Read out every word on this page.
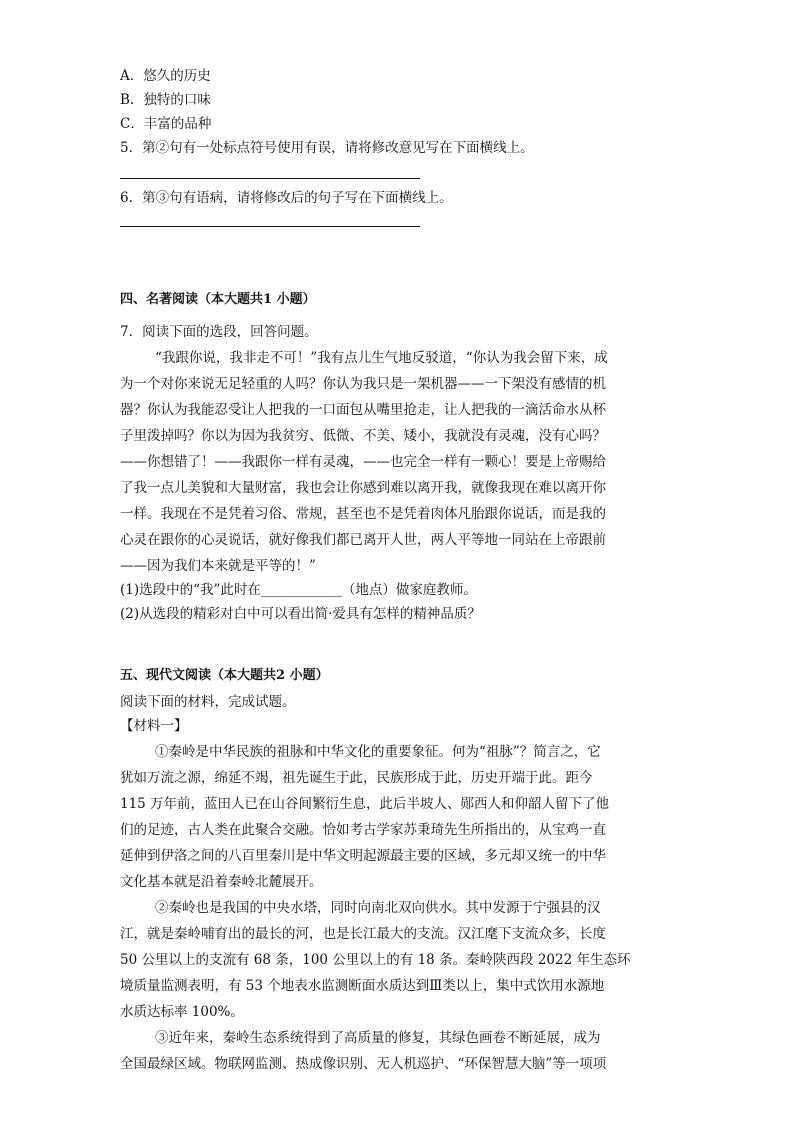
A．悠久的历史
B．独特的口味
C．丰富的品种
5．第②句有一处标点符号使用有误，请将修改意见写在下面横线上。
6．第③句有语病，请将修改后的句子写在下面横线上。
四、名著阅读（本大题共1 小题）
7．阅读下面的选段，回答问题。
“我跟你说，我非走不可！”我有点儿生气地反驳道，“你认为我会留下来，成
为一个对你来说无足轻重的人吗？你认为我只是一架机器——一下架没有感情的机
器？你认为我能忍受让人把我的一口面包从嘴里抢走，让人把我的一滴活命水从杯
子里泼掉吗？你以为因为我贫穷、低微、不美、矮小，我就没有灵魂，没有心吗？
——你想错了！——我跟你一样有灵魂，——也完全一样有一颗心！要是上帝赐给
了我一点儿美貌和大量财富，我也会让你感到难以离开我，就像我现在难以离开你
一样。我现在不是凭着习俗、常规，甚至也不是凭着肉体凡胎跟你说话，而是我的
心灵在跟你的心灵说话，就好像我们都已离开人世，两人平等地一同站在上帝跟前
——因为我们本来就是平等的！”
(1)选段中的“我”此时在____________（地点）做家庭教师。
(2)从选段的精彩对白中可以看出简·爱具有怎样的精神品质？
五、现代文阅读（本大题共2 小题）
阅读下面的材料，完成试题。
【材料一】
①秦岭是中华民族的祖脉和中华文化的重要象征。何为“祖脉”？简言之，它
犹如万流之源，绵延不竭，祖先诞生于此，民族形成于此，历史开端于此。距今
115 万年前，蓝田人已在山谷间繁衍生息，此后半坡人、郧西人和仰韶人留下了他
们的足迹，古人类在此聚合交融。恰如考古学家苏秉琦先生所指出的，从宝鸡一直
延伸到伊洛之间的八百里秦川是中华文明起源最主要的区域，多元却又统一的中华
文化基本就是沿着秦岭北麓展开。
②秦岭也是我国的中央水塔，同时向南北双向供水。其中发源于宁强县的汉
江，就是秦岭哺育出的最长的河，也是长江最大的支流。汉江麾下支流众多，长度
50 公里以上的支流有 68 条，100 公里以上的有 18 条。秦岭陕西段 2022 年生态环
境质量监测表明，有 53 个地表水监测断面水质达到Ⅲ类以上，集中式饮用水源地
水质达标率 100%。
③近年来，秦岭生态系统得到了高质量的修复，其绿色画卷不断延展，成为
全国最绿区域。物联网监测、热成像识别、无人机巡护、“环保智慧大脑”等一项项
